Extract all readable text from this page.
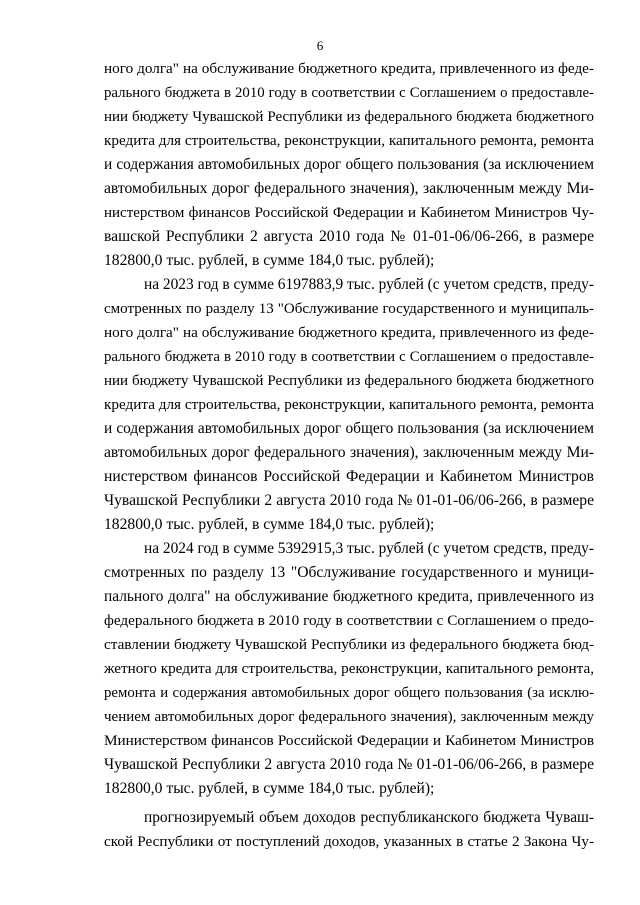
6
ного долга" на обслуживание бюджетного кредита, привлеченного из феде-
рального бюджета в 2010 году в соответствии с Соглашением о предоставле-
нии бюджету Чувашской Республики из федерального бюджета бюджетного
кредита для строительства, реконструкции, капитального ремонта, ремонта
и содержания автомобильных дорог общего пользования (за исключением
автомобильных дорог федерального значения), заключенным между Ми-
нистерством финансов Российской Федерации и Кабинетом Министров Чу-
вашской Республики 2 августа 2010 года № 01-01-06/06-266, в размере
182800,0 тыс. рублей, в сумме 184,0 тыс. рублей);
на 2023 год в сумме 6197883,9 тыс. рублей (с учетом средств, преду-
смотренных по разделу 13 "Обслуживание государственного и муниципаль-
ного долга" на обслуживание бюджетного кредита, привлеченного из феде-
рального бюджета в 2010 году в соответствии с Соглашением о предоставле-
нии бюджету Чувашской Республики из федерального бюджета бюджетного
кредита для строительства, реконструкции, капитального ремонта, ремонта
и содержания автомобильных дорог общего пользования (за исключением
автомобильных дорог федерального значения), заключенным между Ми-
нистерством финансов Российской Федерации и Кабинетом Министров
Чувашской Республики 2 августа 2010 года № 01-01-06/06-266, в размере
182800,0 тыс. рублей, в сумме 184,0 тыс. рублей);
на 2024 год в сумме 5392915,3 тыс. рублей (с учетом средств, преду-
смотренных по разделу 13 "Обслуживание государственного и муници-
пального долга" на обслуживание бюджетного кредита, привлеченного из
федерального бюджета в 2010 году в соответствии с Соглашением о предо-
ставлении бюджету Чувашской Республики из федерального бюджета бюд-
жетного кредита для строительства, реконструкции, капитального ремонта,
ремонта и содержания автомобильных дорог общего пользования (за исклю-
чением автомобильных дорог федерального значения), заключенным между
Министерством финансов Российской Федерации и Кабинетом Министров
Чувашской Республики 2 августа 2010 года № 01-01-06/06-266, в размере
182800,0 тыс. рублей, в сумме 184,0 тыс. рублей);
прогнозируемый объем доходов республиканского бюджета Чуваш-
ской Республики от поступлений доходов, указанных в статье 2 Закона Чу-
